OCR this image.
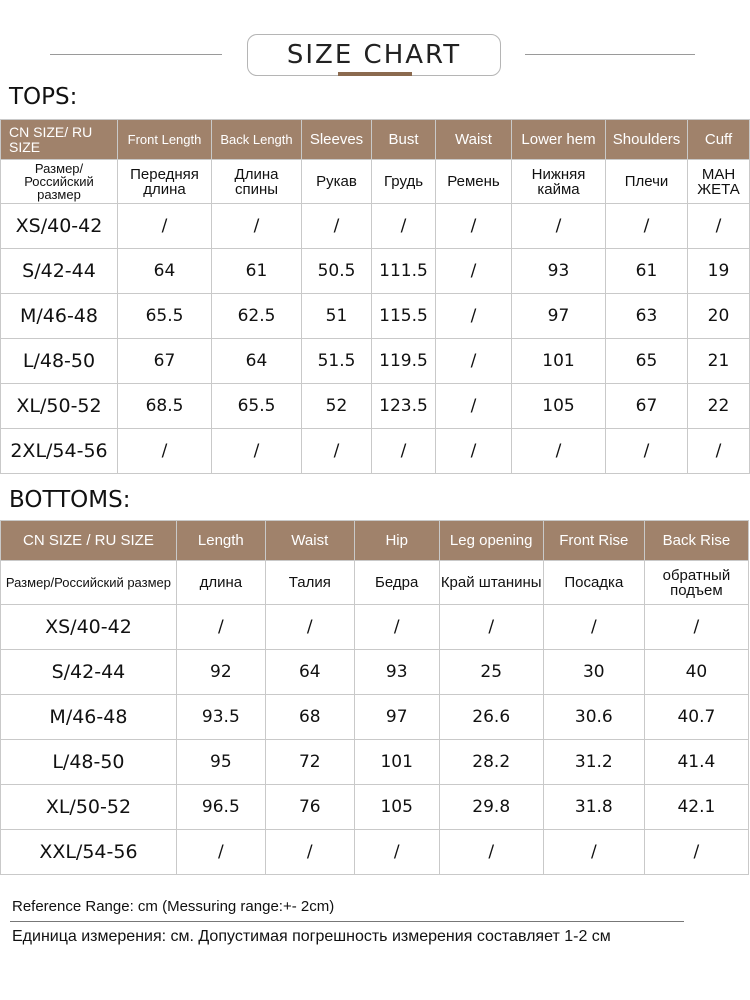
SIZE CHART
TOPS:
CN SIZE/ RU SIZE	Front Length	Back Length	Sleeves	Bust	Waist	Lower hem	Shoulders	Cuff
Размер/ Российский размер	Передняя длина	Длина спины	Рукав	Грудь	Ремень	Нижняя кайма	Плечи	МАН ЖЕТА
XS/40-42	/	/	/	/	/	/	/	/
S/42-44	64	61	50.5	111.5	/	93	61	19
M/46-48	65.5	62.5	51	115.5	/	97	63	20
L/48-50	67	64	51.5	119.5	/	101	65	21
XL/50-52	68.5	65.5	52	123.5	/	105	67	22
2XL/54-56	/	/	/	/	/	/	/	/
BOTTOMS:
CN SIZE / RU SIZE	Length	Waist	Hip	Leg opening	Front Rise	Back Rise
Размер/Российский размер	длина	Талия	Бедра	Край штанины	Посадка	обратный подъем
XS/40-42	/	/	/	/	/	/
S/42-44	92	64	93	25	30	40
M/46-48	93.5	68	97	26.6	30.6	40.7
L/48-50	95	72	101	28.2	31.2	41.4
XL/50-52	96.5	76	105	29.8	31.8	42.1
XXL/54-56	/	/	/	/	/	/
Reference Range: cm (Messuring range:+- 2cm)
Единица измерения: см. Допустимая погрешность измерения составляет 1-2 см
